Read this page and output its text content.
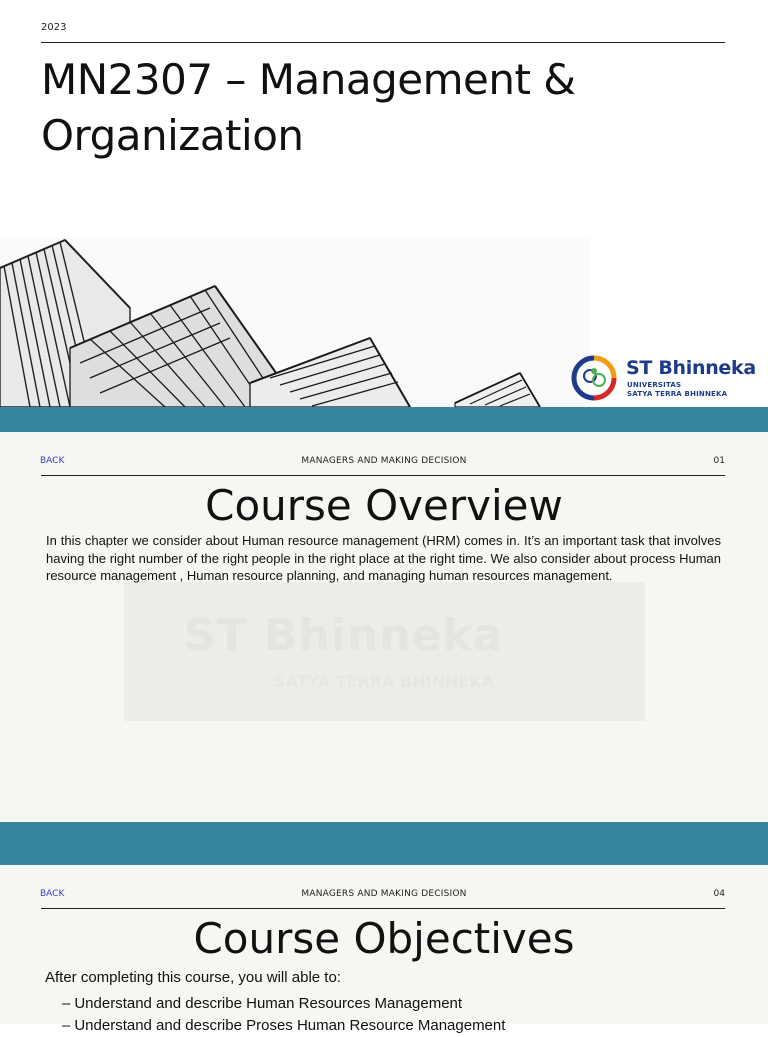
2023
MN2307 – Management & Organization
ST Bhinneka
UNIVERSITAS
SATYA TERRA BHINNEKA
BACK	MANAGERS AND MAKING DECISION	01
Course Overview
ST Bhinneka
SATYA TERRA BHINNEKA

In this chapter we consider about Human resource management (HRM) comes in. It’s an important task that involves having the right number of the right people in the right place at the right time. We also consider about process Human resource management , Human resource planning, and managing human resources management.

BACK	MANAGERS AND MAKING DECISION	04
Course Objectives
After completing this course, you will able to:
– Understand and describe Human Resources Management
– Understand and describe Proses Human Resource Management
